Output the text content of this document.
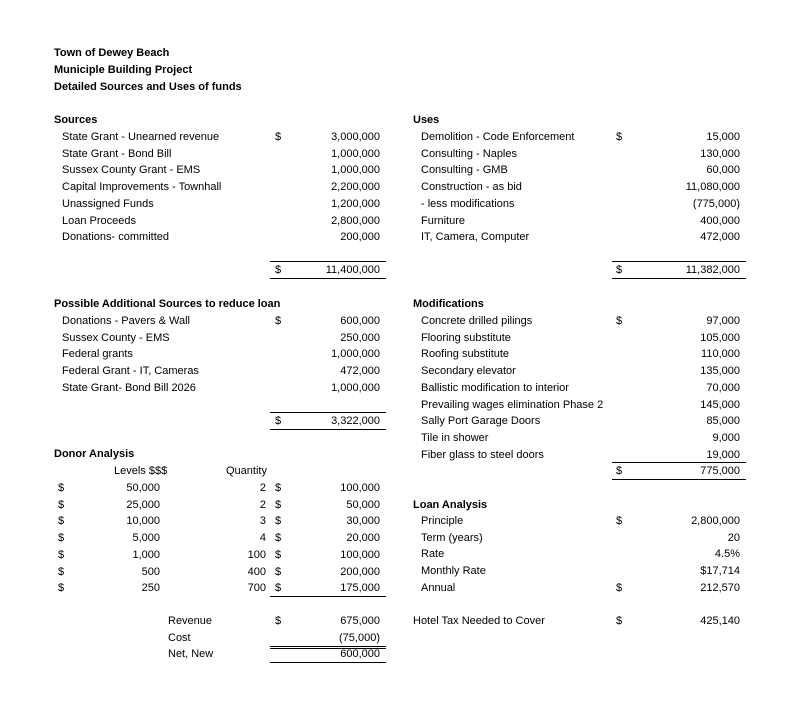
Town of Dewey Beach
Municiple Building Project
Detailed Sources and Uses of funds
Sources
State Grant - Unearned revenue	$	3,000,000
State Grant - Bond Bill	1,000,000
Sussex County Grant - EMS	1,000,000
Capital Improvements - Townhall	2,200,000
Unassigned Funds	1,200,000
Loan Proceeds	2,800,000
Donations- committed	200,000
$	11,400,000
Uses
Demolition - Code Enforcement	$	15,000
Consulting - Naples	130,000
Consulting - GMB	60,000
Construction - as bid	11,080,000
- less modifications	(775,000)
Furniture	400,000
IT, Camera, Computer	472,000
$	11,382,000
Possible Additional Sources to reduce loan
Donations - Pavers & Wall	$	600,000
Sussex County - EMS	250,000
Federal grants	1,000,000
Federal Grant - IT, Cameras	472,000
State Grant- Bond Bill 2026	1,000,000
$	3,322,000
Modifications
Concrete drilled pilings	$	97,000
Flooring substitute	105,000
Roofing substitute	110,000
Secondary elevator	135,000
Ballistic modification to interior	70,000
Prevailing wages elimination Phase 2	145,000
Sally Port Garage Doors	85,000
Tile in shower	9,000
Fiber glass to steel doors	19,000
$	775,000
Donor Analysis
Levels $$$	Quantity
$	50,000	2 $	100,000
$	25,000	2 $	50,000
$	10,000	3 $	30,000
$	5,000	4 $	20,000
$	1,000	100 $	100,000
$	500	400 $	200,000
$	250	700 $	175,000
Revenue	$	675,000
Cost	(75,000)
Net, New	600,000
Loan Analysis
Principle	$	2,800,000
Term (years)	20
Rate	4.5%
Monthly Rate	$17,714
Annual	$	212,570
Hotel Tax Needed to Cover	$	425,140
